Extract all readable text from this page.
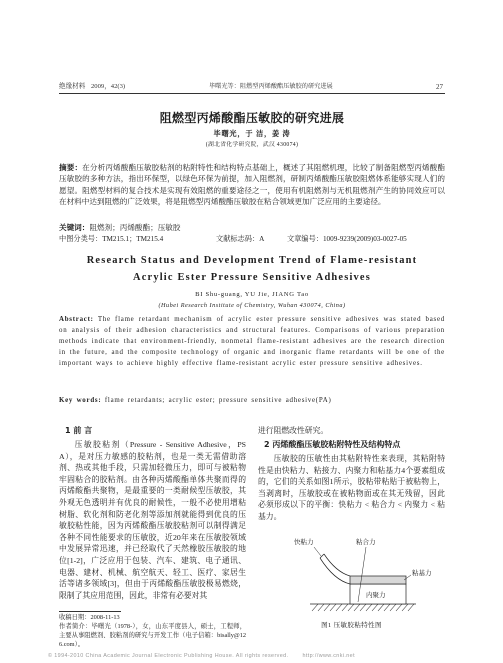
绝缘材料 2009，42(3)	毕曙光等：阻燃型丙烯酸酯压敏胶的研究进展	27
阻燃型丙烯酸酯压敏胶的研究进展
毕曙光，于 洁，姜 涛
(湖北省化学研究院，武汉 430074)
摘要：在分析丙烯酸酯压敏胶粘剂的粘附特性和结构特点基础上，概述了其阻燃机理，比较了制备阻燃型丙烯酸酯压敏胶的多种方法，指出环保型，以绿色环保为前提，加入阻燃剂，研制丙烯酸酯压敏胶阻燃体系能够实现人们的愿望。阻燃型材料的复合技术是实现有效阻燃的重要途径之一，使用有机阻燃剂与无机阻燃剂产生的协同效应可以在材料中达到阻燃的广泛效果，将是阻燃型丙烯酸酯压敏胶在粘合领域更加广泛应用的主要途径。
关键词：阻燃剂；丙烯酸酯；压敏胶
中图分类号：TM215.1；TM215.4	文献标志码：A	文章编号：1009-9239(2009)03-0027-05
Research Status and Development Trend of Flame-resistant
Acrylic Ester Pressure Sensitive Adhesives
BI Shu-guang, YU Jie, JIANG Tao
(Hubei Research Institute of Chemistry, Wuhan 430074, China)
Abstract: The flame retardant mechanism of acrylic ester pressure sensitive adhesives was stated based on analysis of their adhesion characteristics and structural features. Comparisons of various preparation methods indicate that environment-friendly, nonmetal flame-resistant adhesives are the research direction in the future, and the composite technology of organic and inorganic flame retardants will be one of the important ways to achieve highly effective flame-resistant acrylic ester pressure sensitive adhesives.
Key words: flame retardants; acrylic ester; pressure sensitive adhesive(PA)
1 前 言
压敏胶粘剂（Pressure - Sensitive Adhesive，PSA），是对压力敏感的胶粘剂，也是一类无需借助溶剂、热或其他手段，只需加轻微压力，即可与被粘物牢固粘合的胶粘剂。由各种丙烯酸酯单体共聚而得的丙烯酸酯共聚物，是最重要的一类耐候型压敏胶，其外观无色透明并有优良的耐候性，一般不必使用增粘树脂、软化剂和防老化剂等添加剂就能得到优良的压敏胶粘性能，因为丙烯酸酯压敏胶粘剂可以制得满足各种不同性能要求的压敏胶，近20年来在压敏胶领域中发展异常迅速，并已经取代了天然橡胶压敏胶的地位[1-2]，广泛应用于包装、汽车、建筑、电子通讯、电器、建材、机械、航空航天、轻工、医疗、家居生活等诸多领域[3]，但由于丙烯酸酯压敏胶极易燃烧，限制了其应用范围，因此，非常有必要对其
收稿日期：2008-11-13
作者简介：毕曙光（1978-），女，山东平度县人，硕士，工程师，主要从事阻燃剂、胶粘剂的研究与开发工作（电子信箱：bisally@126.com）。
进行阻燃改性研究。
2 丙烯酸酯压敏胶粘附特性及结构特点
压敏胶的压敏性由其粘附特性来表现，其粘附特性是由快粘力、粘接力、内聚力和粘基力4个要素组成的，它们的关系如图1所示，胶粘带粘贴于被粘物上，当剥离时，压敏胶或在被粘物面或在其无残留，因此必须形成以下的平衡：快粘力 < 粘合力 < 内聚力 < 粘基力。
快粘力	粘合力
内聚力
粘基力
图1 压敏胶粘特性图
© 1994-2010 China Academic Journal Electronic Publishing House. All rights reserved.	http://www.cnki.net
